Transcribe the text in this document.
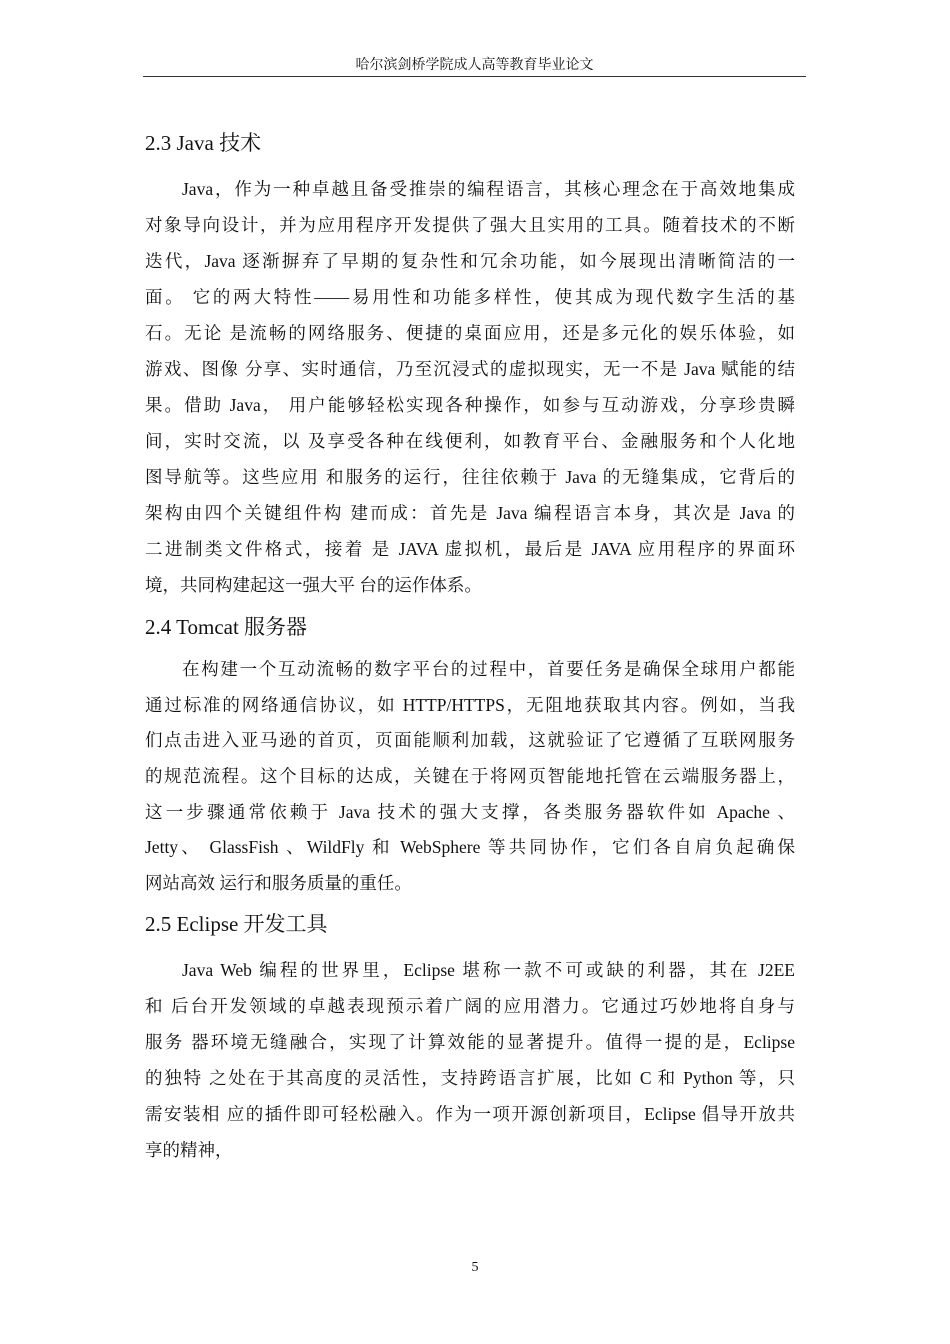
哈尔滨剑桥学院成人高等教育毕业论文
2.3 Java 技术
Java，作为一种卓越且备受推崇的编程语言，其核心理念在于高效地集成
对象导向设计，并为应用程序开发提供了强大且实用的工具。随着技术的不断
迭代，Java 逐渐摒弃了早期的复杂性和冗余功能，如今展现出清晰简洁的一
面。 它的两大特性——易用性和功能多样性，使其成为现代数字生活的基
石。无论 是流畅的网络服务、便捷的桌面应用，还是多元化的娱乐体验，如
游戏、图像 分享、实时通信，乃至沉浸式的虚拟现实，无一不是 Java 赋能的结
果。借助 Java， 用户能够轻松实现各种操作，如参与互动游戏，分享珍贵瞬
间，实时交流，以 及享受各种在线便利，如教育平台、金融服务和个人化地
图导航等。这些应用 和服务的运行，往往依赖于 Java 的无缝集成，它背后的
架构由四个关键组件构 建而成：首先是 Java 编程语言本身，其次是 Java 的
二进制类文件格式，接着 是 JAVA 虚拟机，最后是 JAVA 应用程序的界面环
境，共同构建起这一强大平 台的运作体系。
2.4 Tomcat 服务器
在构建一个互动流畅的数字平台的过程中，首要任务是确保全球用户都能
通过标准的网络通信协议，如 HTTP/HTTPS，无阻地获取其内容。例如，当我
们点击进入亚马逊的首页，页面能顺利加载，这就验证了它遵循了互联网服务
的规范流程。这个目标的达成，关键在于将网页智能地托管在云端服务器上，
这一步骤通常依赖于 Java 技术的强大支撑，各类服务器软件如 Apache 、
Jetty、 GlassFish 、WildFly 和 WebSphere 等共同协作，它们各自肩负起确保
网站高效 运行和服务质量的重任。
2.5 Eclipse 开发工具
Java Web 编程的世界里，Eclipse 堪称一款不可或缺的利器，其在 J2EE
和 后台开发领域的卓越表现预示着广阔的应用潜力。它通过巧妙地将自身与
服务 器环境无缝融合，实现了计算效能的显著提升。值得一提的是，Eclipse
的独特 之处在于其高度的灵活性，支持跨语言扩展，比如 C 和 Python 等，只
需安装相 应的插件即可轻松融入。作为一项开源创新项目，Eclipse 倡导开放共
享的精神，
5
